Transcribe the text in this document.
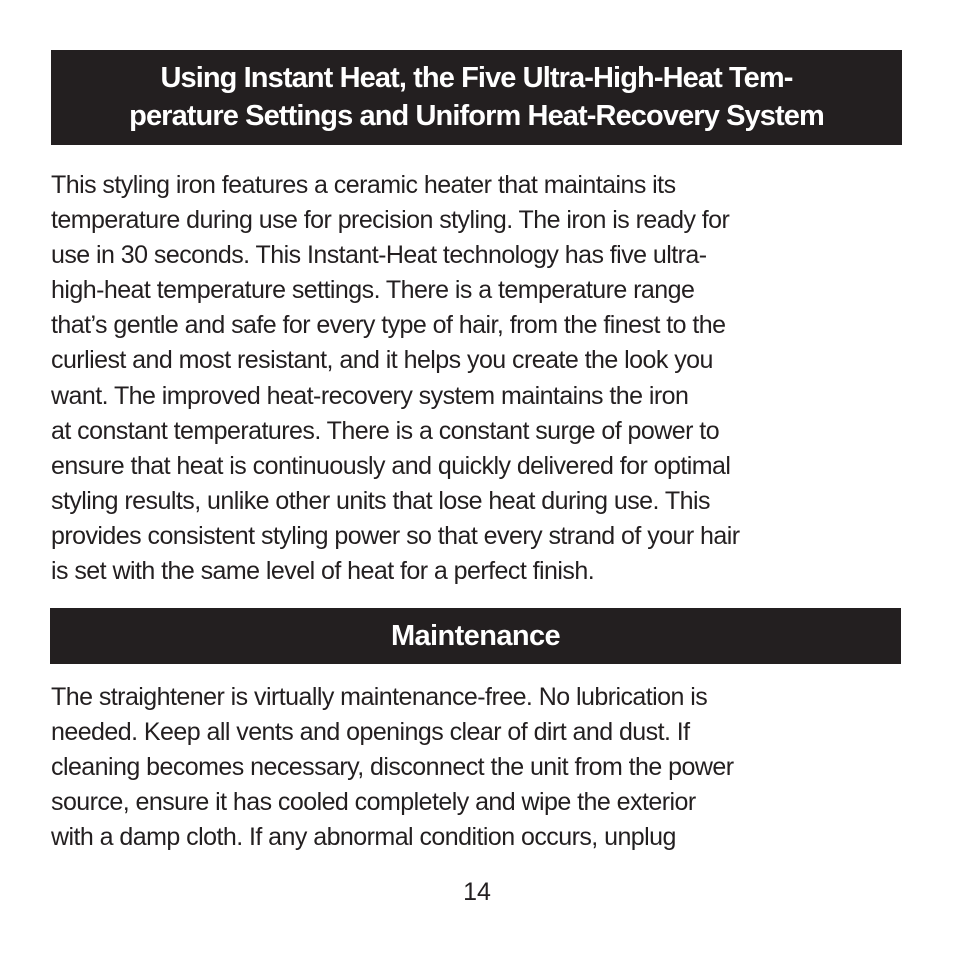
Using Instant Heat, the Five Ultra-High-Heat Tem-
perature Settings and Uniform Heat-Recovery System
This styling iron features a ceramic heater that maintains its
temperature during use for precision styling. The iron is ready for
use in 30 seconds. This Instant-Heat technology has five ultra-
high-heat temperature settings. There is a temperature range
that’s gentle and safe for every type of hair, from the finest to the
curliest and most resistant, and it helps you create the look you
want. The improved heat-recovery system maintains the iron
at constant temperatures. There is a constant surge of power to
ensure that heat is continuously and quickly delivered for optimal
styling results, unlike other units that lose heat during use. This
provides consistent styling power so that every strand of your hair
is set with the same level of heat for a perfect finish.
Maintenance
The straightener is virtually maintenance-free. No lubrication is
needed. Keep all vents and openings clear of dirt and dust. If
cleaning becomes necessary, disconnect the unit from the power
source, ensure it has cooled completely and wipe the exterior
with a damp cloth. If any abnormal condition occurs, unplug
14
